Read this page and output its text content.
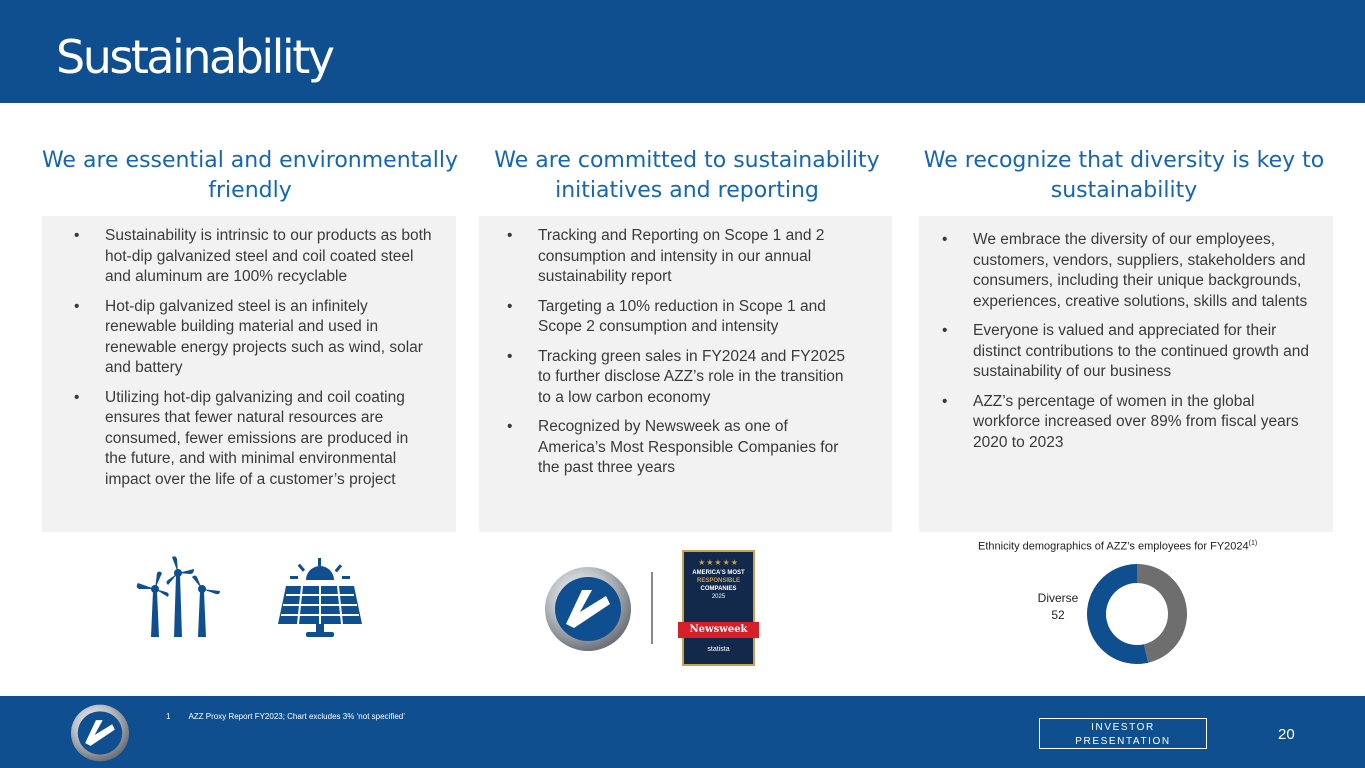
Sustainability
We are essential and environmentally friendly
• Sustainability is intrinsic to our products as both hot-dip galvanized steel and coil coated steel and aluminum are 100% recyclable
• Hot-dip galvanized steel is an infinitely renewable building material and used in renewable energy projects such as wind, solar and battery
• Utilizing hot-dip galvanizing and coil coating ensures that fewer natural resources are consumed, fewer emissions are produced in the future, and with minimal environmental impact over the life of a customer’s project
We are committed to sustainability initiatives and reporting
• Tracking and Reporting on Scope 1 and 2 consumption and intensity in our annual sustainability report
• Targeting a 10% reduction in Scope 1 and Scope 2 consumption and intensity
• Tracking green sales in FY2024 and FY2025 to further disclose AZZ’s role in the transition to a low carbon economy
• Recognized by Newsweek as one of America’s Most Responsible Companies for the past three years
We recognize that diversity is key to sustainability
• We embrace the diversity of our employees, customers, vendors, suppliers, stakeholders and consumers, including their unique backgrounds, experiences, creative solutions, skills and talents
• Everyone is valued and appreciated for their distinct contributions to the continued growth and sustainability of our business
• AZZ’s percentage of women in the global workforce increased over 89% from fiscal years 2020 to 2023
★★★★★
AMERICA'S MOST
RESPONSIBLE
COMPANIES
2025
Newsweek
statista
Ethnicity demographics of AZZ’s employees for FY2024$^{(1)}$
Diverse
52
1 AZZ Proxy Report FY2023; Chart excludes 3% ‘not specified’
INVESTOR
PRESENTATION	20
